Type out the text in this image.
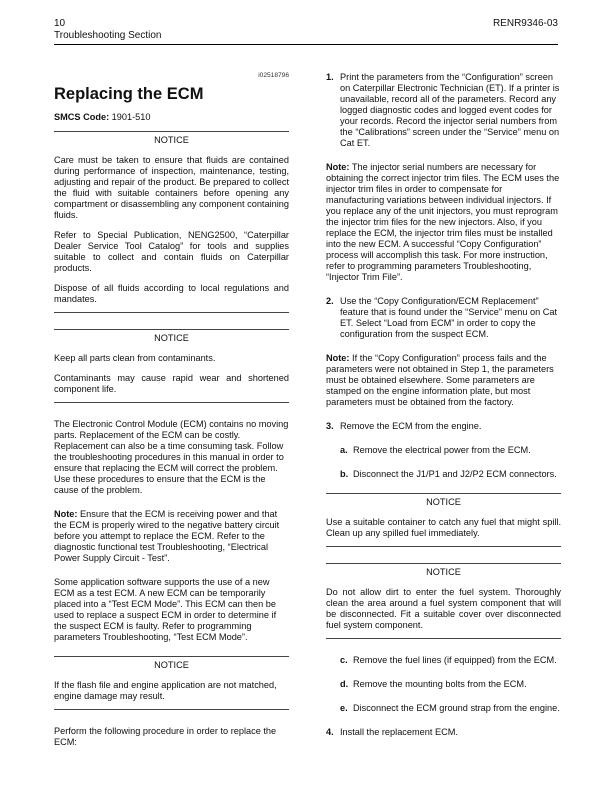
10
Troubleshooting Section
RENR9346-03

i02518796

Replacing the ECM

SMCS Code: 1901-510

NOTICE

Care must be taken to ensure that fluids are contained during performance of inspection, maintenance, testing, adjusting and repair of the product. Be prepared to collect the fluid with suitable containers before opening any compartment or disassembling any component containing fluids.

Refer to Special Publication, NENG2500, “Caterpillar Dealer Service Tool Catalog” for tools and supplies suitable to collect and contain fluids on Caterpillar products.

Dispose of all fluids according to local regulations and mandates.

NOTICE

Keep all parts clean from contaminants.

Contaminants may cause rapid wear and shortened component life.

The Electronic Control Module (ECM) contains no moving parts. Replacement of the ECM can be costly. Replacement can also be a time consuming task. Follow the troubleshooting procedures in this manual in order to ensure that replacing the ECM will correct the problem. Use these procedures to ensure that the ECM is the cause of the problem.

Note: Ensure that the ECM is receiving power and that the ECM is properly wired to the negative battery circuit before you attempt to replace the ECM. Refer to the diagnostic functional test Troubleshooting, “Electrical Power Supply Circuit - Test”.

Some application software supports the use of a new ECM as a test ECM. A new ECM can be temporarily placed into a “Test ECM Mode”. This ECM can then be used to replace a suspect ECM in order to determine if the suspect ECM is faulty. Refer to programming parameters Troubleshooting, “Test ECM Mode”.

NOTICE

If the flash file and engine application are not matched, engine damage may result.

Perform the following procedure in order to replace the ECM:

1. Print the parameters from the “Configuration” screen on Caterpillar Electronic Technician (ET). If a printer is unavailable, record all of the parameters. Record any logged diagnostic codes and logged event codes for your records. Record the injector serial numbers from the “Calibrations” screen under the “Service” menu on Cat ET.

Note: The injector serial numbers are necessary for obtaining the correct injector trim files. The ECM uses the injector trim files in order to compensate for manufacturing variations between individual injectors. If you replace any of the unit injectors, you must reprogram the injector trim files for the new injectors. Also, if you replace the ECM, the injector trim files must be installed into the new ECM. A successful “Copy Configuration” process will accomplish this task. For more instruction, refer to programming parameters Troubleshooting, “Injector Trim File”.

2. Use the “Copy Configuration/ECM Replacement” feature that is found under the “Service” menu on Cat ET. Select “Load from ECM” in order to copy the configuration from the suspect ECM.

Note: If the “Copy Configuration” process fails and the parameters were not obtained in Step 1, the parameters must be obtained elsewhere. Some parameters are stamped on the engine information plate, but most parameters must be obtained from the factory.

3. Remove the ECM from the engine.

a. Remove the electrical power from the ECM.

b. Disconnect the J1/P1 and J2/P2 ECM connectors.

NOTICE

Use a suitable container to catch any fuel that might spill. Clean up any spilled fuel immediately.

NOTICE

Do not allow dirt to enter the fuel system. Thoroughly clean the area around a fuel system component that will be disconnected. Fit a suitable cover over disconnected fuel system component.

c. Remove the fuel lines (if equipped) from the ECM.

d. Remove the mounting bolts from the ECM.

e. Disconnect the ECM ground strap from the engine.

4. Install the replacement ECM.
